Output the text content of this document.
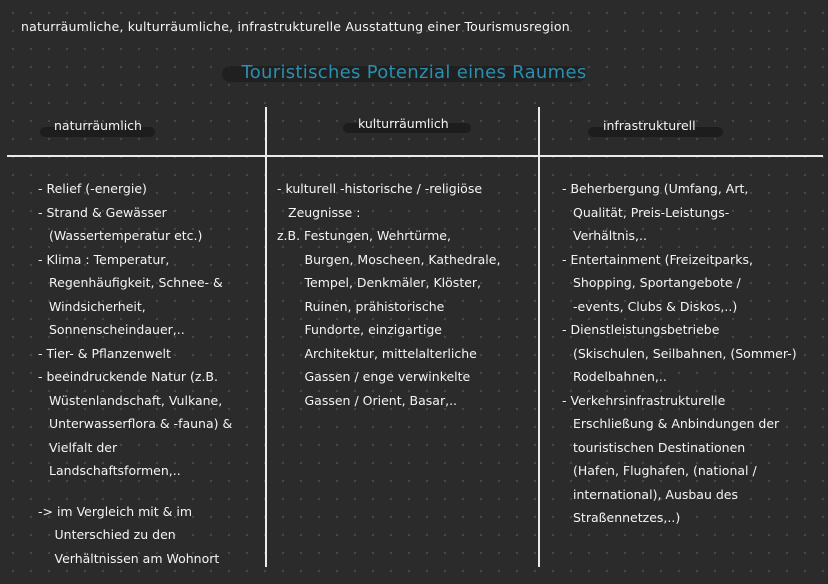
naturräumliche, kulturräumliche, infrastrukturelle Ausstattung einer Tourismusregion
Touristisches Potenzial eines Raumes
naturräumlich	kulturräumlich	infrastrukturell
- Relief (-energie)
- Strand & Gewässer
(Wassertemperatur etc.)
- Klima : Temperatur,
Regenhäufigkeit, Schnee- &
Windsicherheit,
Sonnenscheindauer,..
- Tier- & Pflanzenwelt
- beeindruckende Natur (z.B.
Wüstenlandschaft, Vulkane,
Unterwasserflora & -fauna) &
Vielfalt der
Landschaftsformen,..
-> im Vergleich mit & im
Unterschied zu den
Verhältnissen am Wohnort
- kulturell -historische / -religiöse
Zeugnisse :
z.B. Festungen, Wehrtürme,
Burgen, Moscheen, Kathedrale,
Tempel, Denkmäler, Klöster,
Ruinen, prähistorische
Fundorte, einzigartige
Architektur, mittelalterliche
Gassen / enge verwinkelte
Gassen / Orient, Basar,..
- Beherbergung (Umfang, Art,
Qualität, Preis-Leistungs-
Verhältnis,..
- Entertainment (Freizeitparks,
Shopping, Sportangebote /
-events, Clubs & Diskos,..)
- Dienstleistungsbetriebe
(Skischulen, Seilbahnen, (Sommer-)
Rodelbahnen,..
- Verkehrsinfrastrukturelle
Erschließung & Anbindungen der
touristischen Destinationen
(Hafen, Flughafen, (national /
international), Ausbau des
Straßennetzes,..)
